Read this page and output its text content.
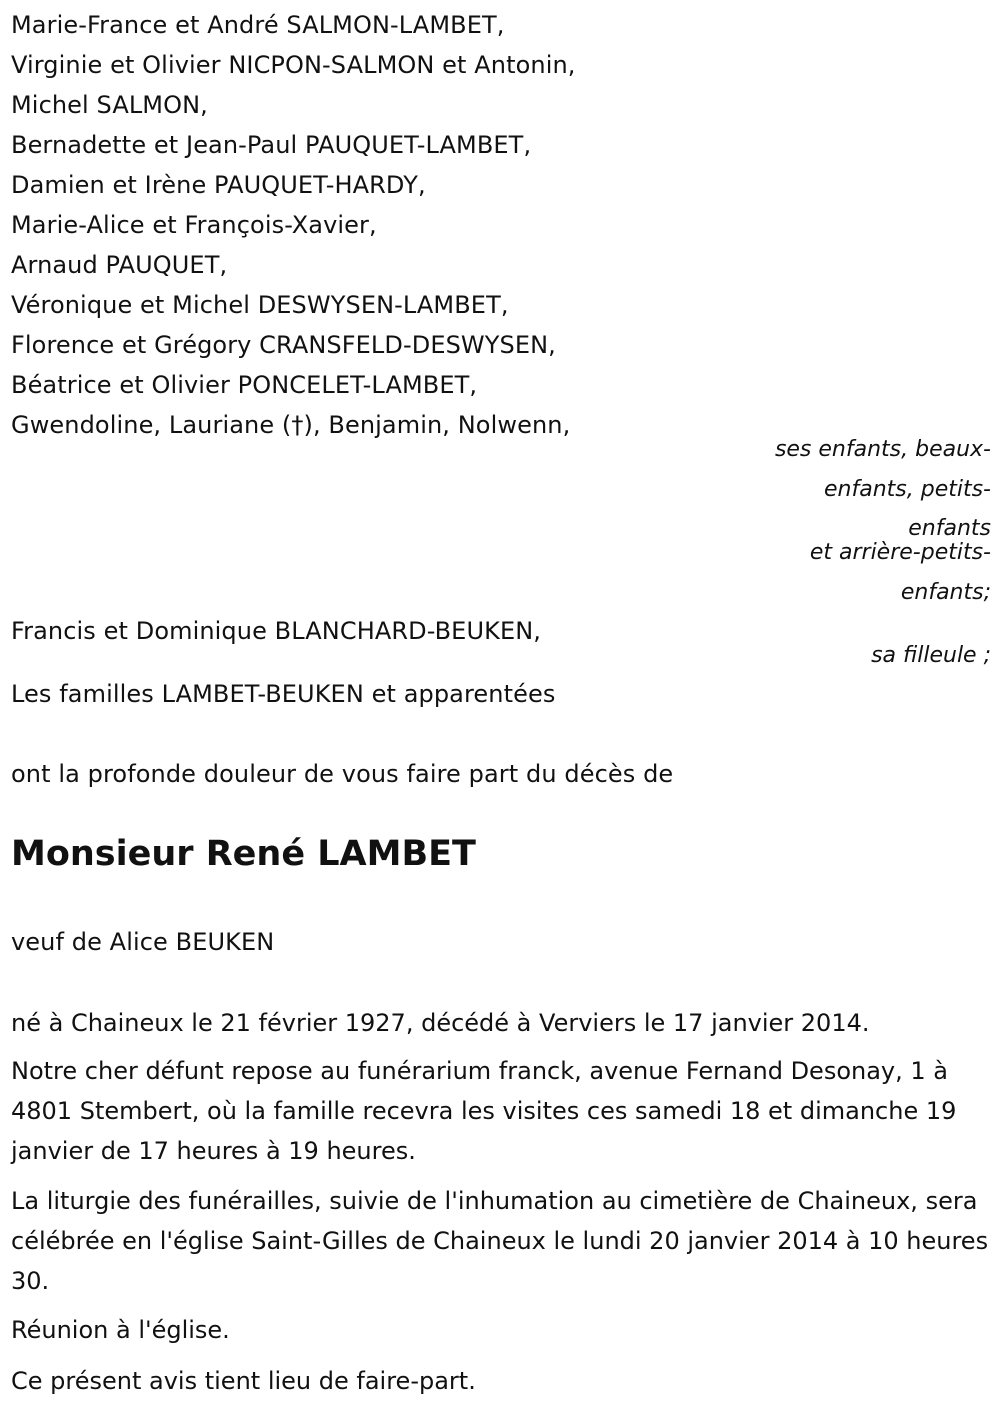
Marie-France et André SALMON-LAMBET,
Virginie et Olivier NICPON-SALMON et Antonin,
Michel SALMON,
Bernadette et Jean-Paul PAUQUET-LAMBET,
Damien et Irène PAUQUET-HARDY,
Marie-Alice et François-Xavier,
Arnaud PAUQUET,
Véronique et Michel DESWYSEN-LAMBET,
Florence et Grégory CRANSFELD-DESWYSEN,
Béatrice et Olivier PONCELET-LAMBET,
Gwendoline, Lauriane (†), Benjamin, Nolwenn,
ses enfants, beaux-
enfants, petits-
enfants
et arrière-petits-
enfants;
Francis et Dominique BLANCHARD-BEUKEN,
sa filleule ;
Les familles LAMBET-BEUKEN et apparentées
ont la profonde douleur de vous faire part du décès de
Monsieur René LAMBET
veuf de Alice BEUKEN
né à Chaineux le 21 février 1927, décédé à Verviers le 17 janvier 2014.
Notre cher défunt repose au funérarium franck, avenue Fernand Desonay, 1 à 4801 Stembert, où la famille recevra les visites ces samedi 18 et dimanche 19 janvier de 17 heures à 19 heures.
La liturgie des funérailles, suivie de l'inhumation au cimetière de Chaineux, sera célébrée en l'église Saint-Gilles de Chaineux le lundi 20 janvier 2014 à 10 heures 30.
Réunion à l'église.
Ce présent avis tient lieu de faire-part.
